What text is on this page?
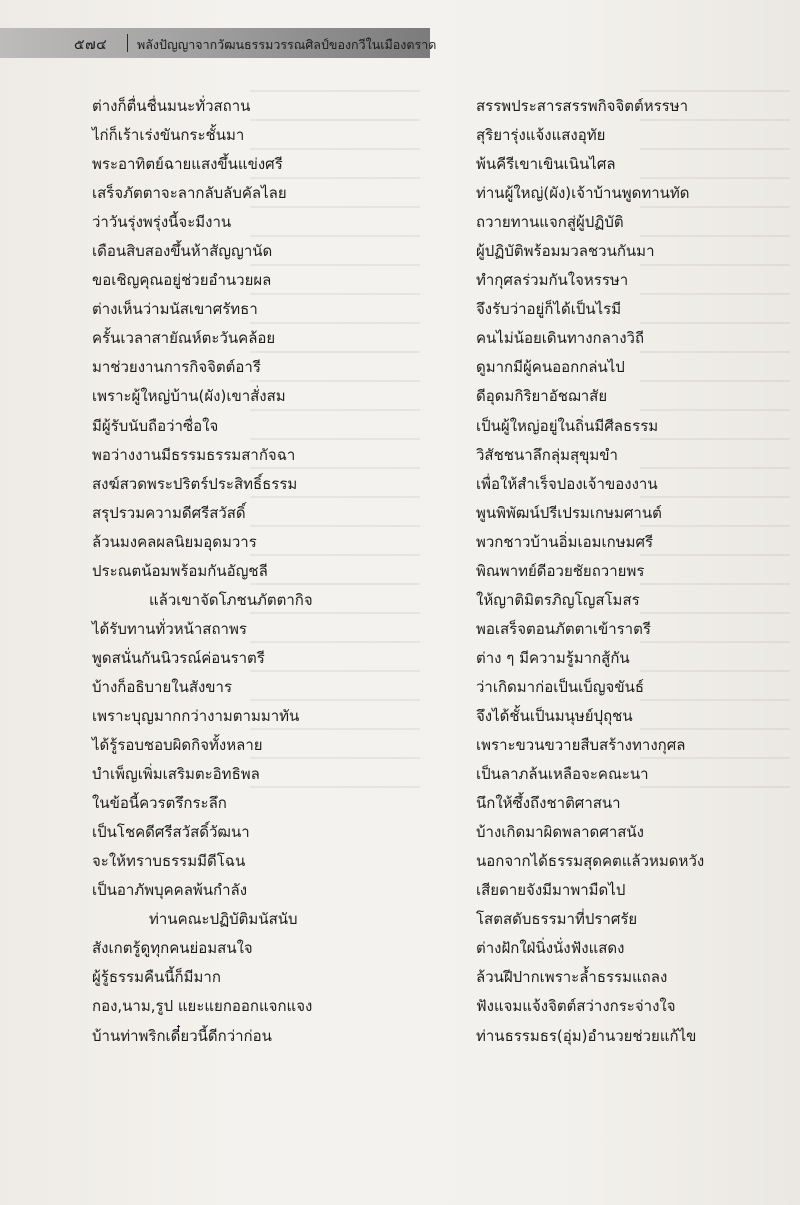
๕๗๔ พลังปัญญาจากวัฒนธรรมวรรณศิลป์ของกวีในเมืองตราด
ต่างก็ตื่นชื่นมนะทั่วสถาน
ไก่ก็เร้าเร่งขันกระชั้นมา
พระอาทิตย์ฉายแสงขึ้นแข่งศรี
เสร็จภัตตาจะลากลับลับคัลไลย
ว่าวันรุ่งพรุ่งนี้จะมีงาน
เดือนสิบสองขึ้นห้าสัญญานัด
ขอเชิญคุณอยู่ช่วยอำนวยผล
ต่างเห็นว่ามนัสเขาศรัทธา
ครั้นเวลาสายัณห์ตะวันคล้อย
มาช่วยงานการกิจจิตต์อารี
เพราะผู้ใหญ่บ้าน(ผัง)เขาสั่งสม
มีผู้รับนับถือว่าซื่อใจ
พอว่างงานมีธรรมธรรมสากัจฉา
สงฆ์สวดพระปริตร์ประสิทธิ์ธรรม
สรุปรวมความดีศรีสวัสดิ์
ล้วนมงคลผลนิยมอุดมวาร
ประณตน้อมพร้อมกันอัญชลี
แล้วเขาจัดโภชนภัตตากิจ
ได้รับทานทั่วหน้าสถาพร
พูดสนั่นกันนิวรณ์ค่อนราตรี
บ้างก็อธิบายในสังขาร
เพราะบุญมากกว่างามตามมาทัน
ได้รู้รอบชอบผิดกิจทั้งหลาย
บำเพ็ญเพิ่มเสริมตะอิทธิพล
ในข้อนี้ควรตรึกระลึก
เป็นโชคดีศรีสวัสดิ์วัฒนา
จะให้ทราบธรรมมีดีโฉน
เป็นอาภัพบุคคลพ้นกำลัง
ท่านคณะปฏิบัติมนัสนับ
สังเกตรู้ดูทุกคนย่อมสนใจ
ผู้รู้ธรรมคืนนี้ก็มีมาก
กอง,นาม,รูป แยะแยกออกแจกแจง
บ้านท่าพริกเดี๋ยวนี้ดีกว่าก่อน
สรรพประสารสรรพกิจจิตต์หรรษา
สุริยารุ่งแจ้งแสงอุทัย
พ้นคีรีเขาเขินเนินไศล
ท่านผู้ใหญ่(ผัง)เจ้าบ้านพูดทานทัด
ถวายทานแจกสู่ผู้ปฏิบัติ
ผู้ปฏิบัติพร้อมมวลชวนกันมา
ทำกุศลร่วมกันใจหรรษา
จึงรับว่าอยู่ก็ได้เป็นไรมี
คนไม่น้อยเดินทางกลางวิถี
ดูมากมีผู้คนออกกล่นไป
ดีอุดมกิริยาอัชฌาสัย
เป็นผู้ใหญ่อยู่ในถิ่นมีศีลธรรม
วิสัชชนาลึกลุ่มสุขุมขำ
เพื่อให้สำเร็จปองเจ้าของงาน
พูนพิพัฒน์ปรีเปรมเกษมศานต์
พวกชาวบ้านอิ่มเอมเกษมศรี
พิณพาทย์ดีอวยชัยถวายพร
ให้ญาติมิตรภิญโญสโมสร
พอเสร็จตอนภัตตาเข้าราตรี
ต่าง ๆ มีความรู้มากสู้กัน
ว่าเกิดมาก่อเป็นเบ็ญจขันธ์
จึงได้ชั้นเป็นมนุษย์ปุถุชน
เพราะขวนขวายสืบสร้างทางกุศล
เป็นลาภล้นเหลือจะคณะนา
นึกให้ซึ้งถึงชาติศาสนา
บ้างเกิดมาผิดพลาดศาสนัง
นอกจากได้ธรรมสุดคตแล้วหมดหวัง
เสียดายจังมีมาพามืดไป
โสตสดับธรรมาที่ปราศรัย
ต่างฝักใฝ่นิ่งนั่งฟังแสดง
ล้วนฝีปากเพราะล้ำธรรมแถลง
ฟังแจมแจ้งจิตต์สว่างกระจ่างใจ
ท่านธรรมธร(อุ่ม)อำนวยช่วยแก้ไข
